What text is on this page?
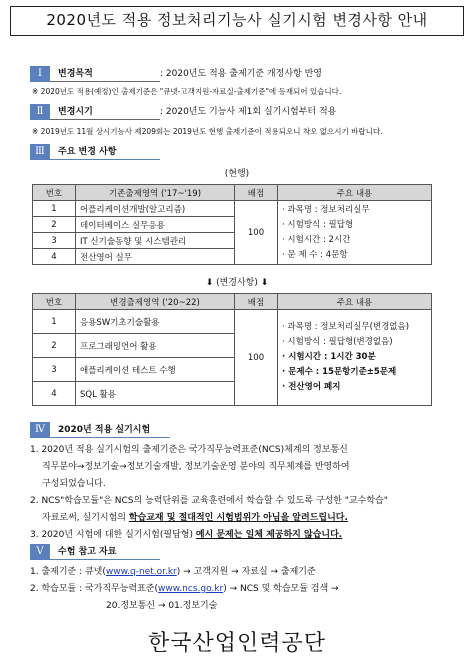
2020년도 적용 정보처리기능사 실기시험 변경사항 안내
Ⅰ	변경목적	: 2020년도 적용 출제기준 개정사항 반영
※ 2020년도 적용(예정)인 출제기준은 "큐넷-고객지원-자료실-출제기준"에 등재되어 있습니다.
Ⅱ	변경시기	: 2020년도 기능사 제1회 실기시험부터 적용
※ 2019년도 11월 상시기능사 제209회는 2019년도 현행 출제기준이 적용되오니 착오 없으시기 바랍니다.
Ⅲ	주요 변경 사항
(현행)
번호	기존출제영역 ('17~'19)	배점	주요 내용
1	어플리케이션개발(알고리즘)	100	· 과목명 : 정보처리실무
· 시험방식 : 필답형
· 시험시간 : 2시간
· 문 제 수 : 4문항

2	데이터베이스 실무응용		
3	IT 신기술동향 및 시스템관리		
4	전산영어 실무		
⬇ (변경사항) ⬇
번호	변경출제영역 ('20~22)	배점	주요 내용
1	응용SW기초기술활용	100	· 과목명 : 정보처리실무(변경없음)
· 시험방식 : 필답형(변경없음)
· 시험시간 : 1시간 30분
· 문제수 : 15문항기준±5문제
· 전산영어 폐지

2	프로그래밍언어 활용		
3	애플리케이션 테스트 수행		
4	SQL 활용		
Ⅳ	2020년 적용 실기시험

1. 2020년 적용 실기시험의 출제기준은 국가직무능력표준(NCS)체계의 정보통신

직무분야→정보기술→정보기술개발, 정보기술운영 분야의 직무체계를 반영하여

구성되었습니다.

2. NCS"학습모듈"은 NCS의 능력단위를 교육훈련에서 학습할 수 있도록 구성한 "교수학습"

자료로써, 실기시험의 학습교재 및 절대적인 시험범위가 아님을 알려드립니다.

3. 2020년 시험에 대한 실기시험(필답형) 예시 문제는 일체 제공하지 않습니다.

Ⅴ	수험 참고 자료

1. 출제기준 : 큐넷(www.q-net.or.kr) → 고객지원 → 자료실 → 출제기준

2. 학습모듈 : 국가직무능력표준(www.ncs.go.kr) → NCS 및 학습모듈 검색 →

20.정보통신 → 01.정보기술

한국산업인력공단
